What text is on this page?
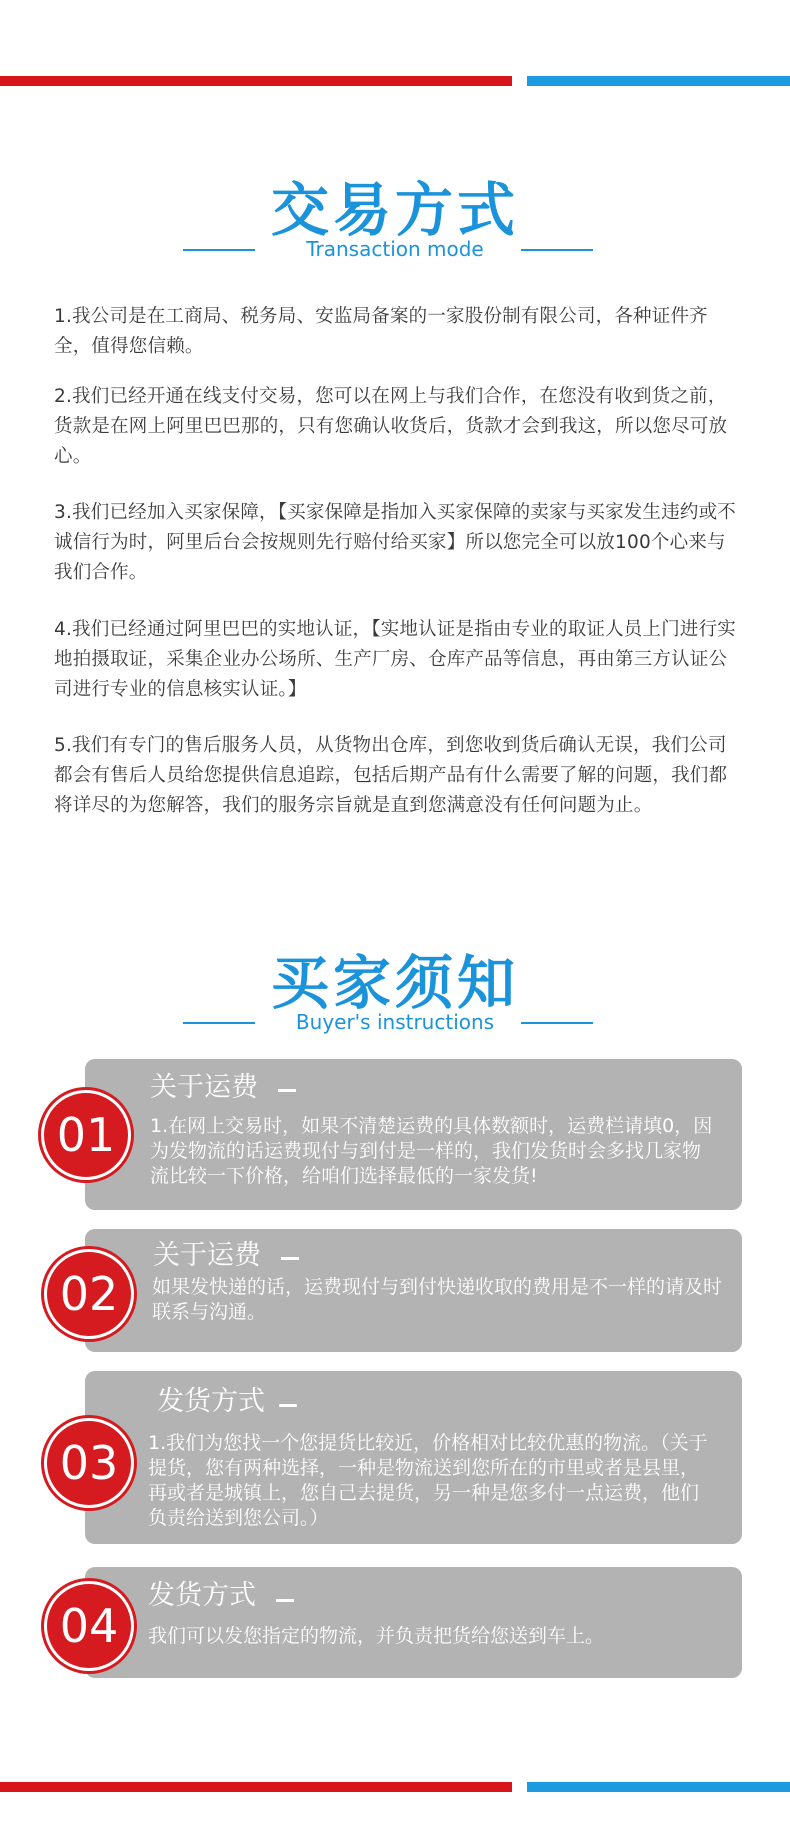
交易方式
Transaction mode

1.我公司是在工商局、税务局、安监局备案的一家股份制有限公司，各种证件齐全，值得您信赖。

2.我们已经开通在线支付交易，您可以在网上与我们合作，在您没有收到货之前，货款是在网上阿里巴巴那的，只有您确认收货后，货款才会到我这，所以您尽可放心。

3.我们已经加入买家保障，【买家保障是指加入买家保障的卖家与买家发生违约或不诚信行为时，阿里后台会按规则先行赔付给买家】所以您完全可以放100个心来与我们合作。

4.我们已经通过阿里巴巴的实地认证，【实地认证是指由专业的取证人员上门进行实地拍摄取证，采集企业办公场所、生产厂房、仓库产品等信息，再由第三方认证公司进行专业的信息核实认证。】

5.我们有专门的售后服务人员，从货物出仓库，到您收到货后确认无误，我们公司都会有售后人员给您提供信息追踪，包括后期产品有什么需要了解的问题，我们都将详尽的为您解答，我们的服务宗旨就是直到您满意没有任何问题为止。

买家须知
Buyer's instructions
关于运费

1.在网上交易时，如果不清楚运费的具体数额时，运费栏请填0，因为发物流的话运费现付与到付是一样的，我们发货时会多找几家物流比较一下价格，给咱们选择最低的一家发货!

01
关于运费

如果发快递的话，运费现付与到付快递收取的费用是不一样的请及时联系与沟通。

02
发货方式

1.我们为您找一个您提货比较近，价格相对比较优惠的物流。（关于提货，您有两种选择，一种是物流送到您所在的市里或者是县里，再或者是城镇上，您自己去提货，另一种是您多付一点运费，他们负责给送到您公司。）

03
发货方式

我们可以发您指定的物流，并负责把货给您送到车上。

04
